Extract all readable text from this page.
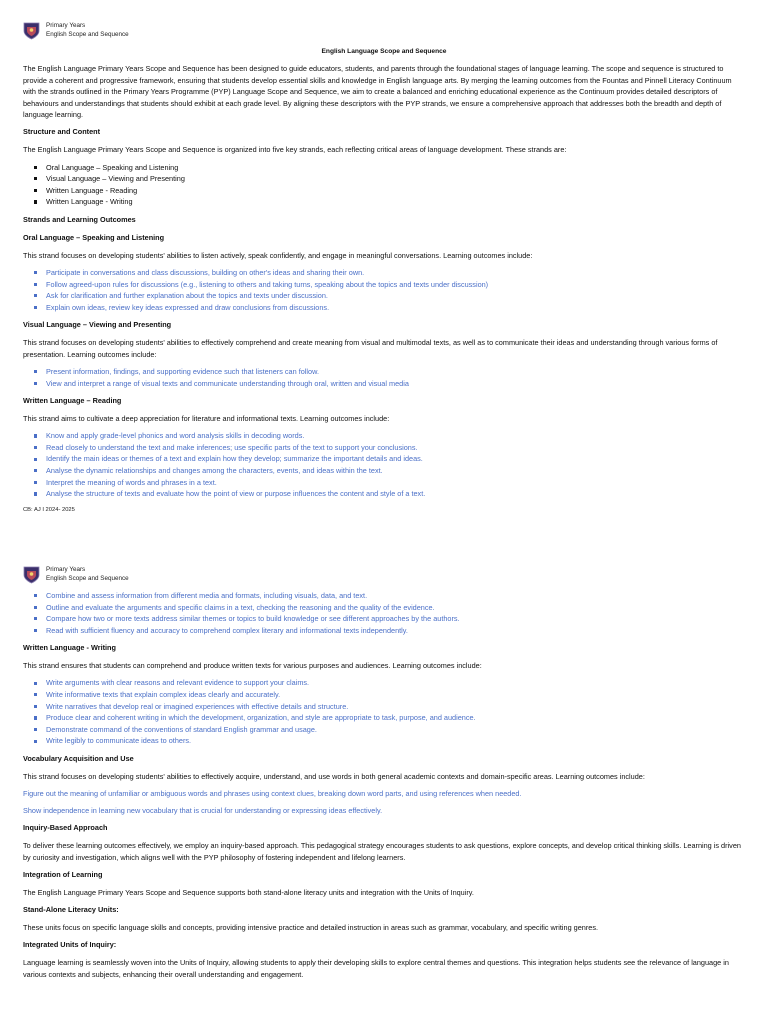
Primary Years
English Scope and Sequence
English Language Scope and Sequence

The English Language Primary Years Scope and Sequence has been designed to guide educators, students, and parents through the foundational stages of language learning. The scope and sequence is structured to provide a coherent and progressive framework, ensuring that students develop essential skills and knowledge in English language arts. By merging the learning outcomes from the Fountas and Pinnell Literacy Continuum with the strands outlined in the Primary Years Programme (PYP) Language Scope and Sequence, we aim to create a balanced and enriching educational experience as the Continuum provides detailed descriptors of behaviours and understandings that students should exhibit at each grade level. By aligning these descriptors with the PYP strands, we ensure a comprehensive approach that addresses both the breadth and depth of language learning.

Structure and Content

The English Language Primary Years Scope and Sequence is organized into five key strands, each reflecting critical areas of language development. These strands are:

Oral Language – Speaking and Listening
Visual Language – Viewing and Presenting
Written Language - Reading
Written Language - Writing
Strands and Learning Outcomes
Oral Language – Speaking and Listening

This strand focuses on developing students' abilities to listen actively, speak confidently, and engage in meaningful conversations. Learning outcomes include:

Participate in conversations and class discussions, building on other's ideas and sharing their own.
Follow agreed-upon rules for discussions (e.g., listening to others and taking turns, speaking about the topics and texts under discussion)
Ask for clarification and further explanation about the topics and texts under discussion.
Explain own ideas, review key ideas expressed and draw conclusions from discussions.
Visual Language – Viewing and Presenting

This strand focuses on developing students' abilities to effectively comprehend and create meaning from visual and multimodal texts, as well as to communicate their ideas and understanding through various forms of presentation. Learning outcomes include:

Present information, findings, and supporting evidence such that listeners can follow.
View and interpret a range of visual texts and communicate understanding through oral, written and visual media
Written Language – Reading

This strand aims to cultivate a deep appreciation for literature and informational texts. Learning outcomes include:

Know and apply grade-level phonics and word analysis skills in decoding words.
Read closely to understand the text and make inferences; use specific parts of the text to support your conclusions.
Identify the main ideas or themes of a text and explain how they develop; summarize the important details and ideas.
Analyse the dynamic relationships and changes among the characters, events, and ideas within the text.
Interpret the meaning of words and phrases in a text.
Analyse the structure of texts and evaluate how the point of view or purpose influences the content and style of a text.
CB: AJ I 2024- 2025
Primary Years
English Scope and Sequence
Combine and assess information from different media and formats, including visuals, data, and text.
Outline and evaluate the arguments and specific claims in a text, checking the reasoning and the quality of the evidence.
Compare how two or more texts address similar themes or topics to build knowledge or see different approaches by the authors.
Read with sufficient fluency and accuracy to comprehend complex literary and informational texts independently.
Written Language - Writing

This strand ensures that students can comprehend and produce written texts for various purposes and audiences. Learning outcomes include:

Write arguments with clear reasons and relevant evidence to support your claims.
Write informative texts that explain complex ideas clearly and accurately.
Write narratives that develop real or imagined experiences with effective details and structure.
Produce clear and coherent writing in which the development, organization, and style are appropriate to task, purpose, and audience.
Demonstrate command of the conventions of standard English grammar and usage.
Write legibly to communicate ideas to others.
Vocabulary Acquisition and Use

This strand focuses on developing students' abilities to effectively acquire, understand, and use words in both general academic contexts and domain-specific areas. Learning outcomes include:

Figure out the meaning of unfamiliar or ambiguous words and phrases using context clues, breaking down word parts, and using references when needed.

Show independence in learning new vocabulary that is crucial for understanding or expressing ideas effectively.

Inquiry-Based Approach

To deliver these learning outcomes effectively, we employ an inquiry-based approach. This pedagogical strategy encourages students to ask questions, explore concepts, and develop critical thinking skills. Learning is driven by curiosity and investigation, which aligns well with the PYP philosophy of fostering independent and lifelong learners.

Integration of Learning

The English Language Primary Years Scope and Sequence supports both stand-alone literacy units and integration with the Units of Inquiry.

Stand-Alone Literacy Units:

These units focus on specific language skills and concepts, providing intensive practice and detailed instruction in areas such as grammar, vocabulary, and specific writing genres.

Integrated Units of Inquiry:

Language learning is seamlessly woven into the Units of Inquiry, allowing students to apply their developing skills to explore central themes and questions. This integration helps students see the relevance of language in various contexts and subjects, enhancing their overall understanding and engagement.
